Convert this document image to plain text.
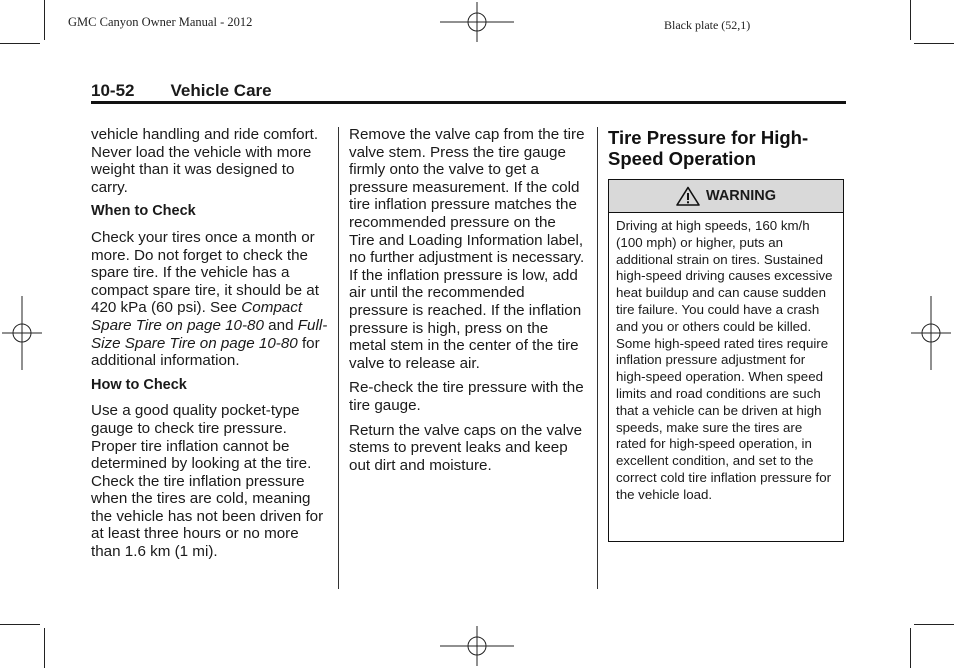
GMC Canyon Owner Manual - 2012	Black plate (52,1)
10-52 Vehicle Care

vehicle handling and ride comfort. Never load the vehicle with more weight than it was designed to carry.

When to Check

Check your tires once a month or more. Do not forget to check the spare tire. If the vehicle has a compact spare tire, it should be at 420 kPa (60 psi). See Compact Spare Tire on page 10-80 and Full-Size Spare Tire on page 10-80 for additional information.

How to Check

Use a good quality pocket-type gauge to check tire pressure. Proper tire inflation cannot be determined by looking at the tire. Check the tire inflation pressure when the tires are cold, meaning the vehicle has not been driven for at least three hours or no more than 1.6 km (1 mi).

Remove the valve cap from the tire valve stem. Press the tire gauge firmly onto the valve to get a pressure measurement. If the cold tire inflation pressure matches the recommended pressure on the Tire and Loading Information label, no further adjustment is necessary. If the inflation pressure is low, add air until the recommended pressure is reached. If the inflation pressure is high, press on the metal stem in the center of the tire valve to release air.

Re-check the tire pressure with the tire gauge.

Return the valve caps on the valve stems to prevent leaks and keep out dirt and moisture.

Tire Pressure for High-Speed Operation
WARNING
Driving at high speeds, 160 km/h (100 mph) or higher, puts an additional strain on tires. Sustained high-speed driving causes excessive heat buildup and can cause sudden tire failure. You could have a crash and you or others could be killed. Some high-speed rated tires require inflation pressure adjustment for high-speed operation. When speed limits and road conditions are such that a vehicle can be driven at high speeds, make sure the tires are rated for high-speed operation, in excellent condition, and set to the correct cold tire inflation pressure for the vehicle load.
